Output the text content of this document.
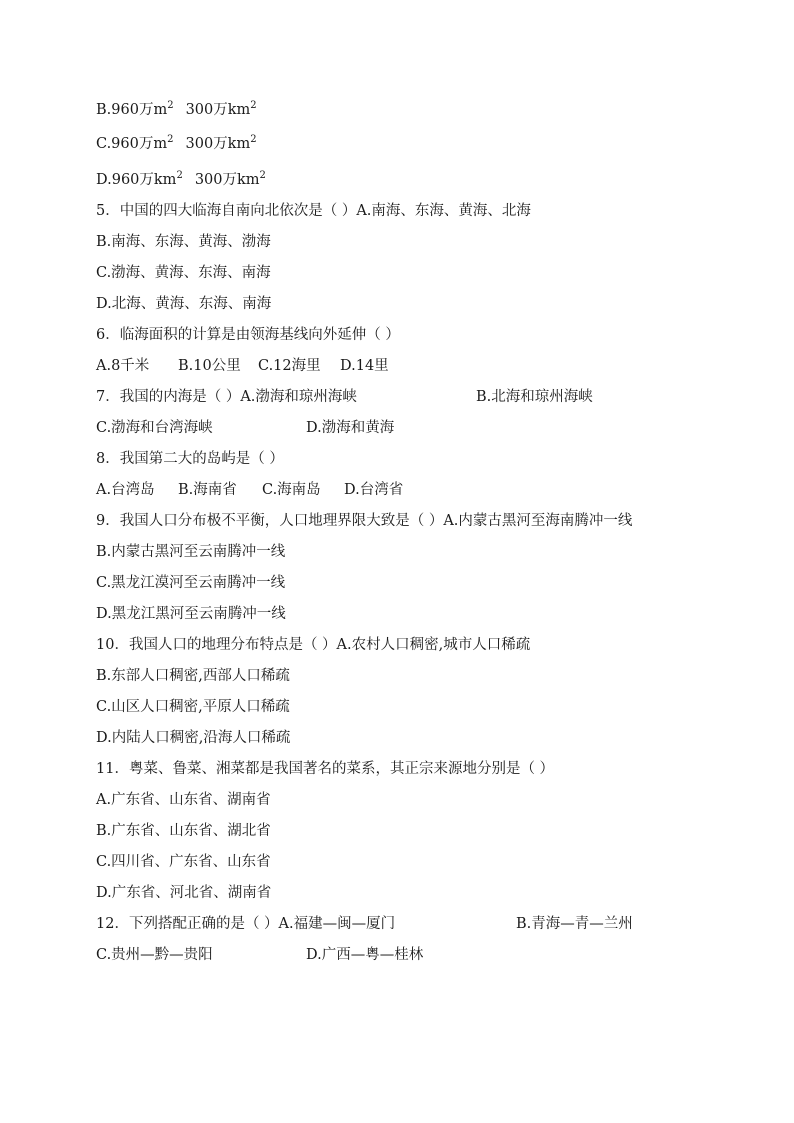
B.960万$m^2$ 300万$km^2$
C.960万$m^2$ 300万$km^2$
D.960万$km^2$ 300万$km^2$
5．中国的四大临海自南向北依次是（ ）A.南海、东海、黄海、北海
B.南海、东海、黄海、渤海
C.渤海、黄海、东海、南海
D.北海、黄海、东海、南海
6．临海面积的计算是由领海基线向外延伸（ ）
A.8千米 B.10公里 C.12海里 D.14里
7．我国的内海是（ ）A.渤海和琼州海峡	B.北海和琼州海峡
C.渤海和台湾海峡	D.渤海和黄海
8．我国第二大的岛屿是（ ）
A.台湾岛 B.海南省 C.海南岛 D.台湾省
9．我国人口分布极不平衡，人口地理界限大致是（ ）A.内蒙古黑河至海南腾冲一线
B.内蒙古黑河至云南腾冲一线
C.黑龙江漠河至云南腾冲一线
D.黑龙江黑河至云南腾冲一线
10．我国人口的地理分布特点是（ ）A.农村人口稠密,城市人口稀疏
B.东部人口稠密,西部人口稀疏
C.山区人口稠密,平原人口稀疏
D.内陆人口稠密,沿海人口稀疏
11．粤菜、鲁菜、湘菜都是我国著名的菜系，其正宗来源地分别是（ ）
A.广东省、山东省、湖南省
B.广东省、山东省、湖北省
C.四川省、广东省、山东省
D.广东省、河北省、湖南省
12．下列搭配正确的是（ ）A.福建—闽—厦门	B.青海—青—兰州
C.贵州—黔—贵阳	D.广西—粤—桂林
